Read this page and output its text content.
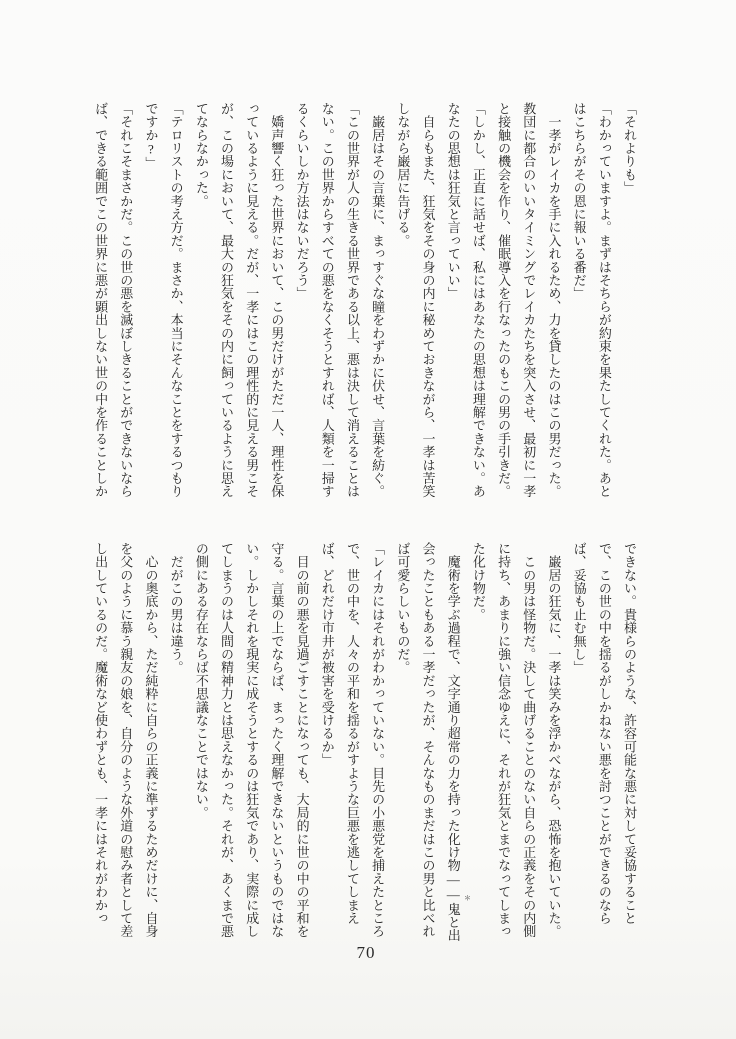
「それよりも」
「わかっていますよ。まずはそちらが約束を果たしてくれた。あと
はこちらがその恩に報いる番だ」
　一孝がレイカを手に入れるため、力を貸したのはこの男だった。
教団に都合のいいタイミングでレイカたちを突入させ、最初に一孝
と接触の機会を作り、催眠導入を行なったのもこの男の手引きだ。
「しかし、正直に話せば、私にはあなたの思想は理解できない。あ
なたの思想は狂気と言っていい」
　自らもまた、狂気をその身の内に秘めておきながら、一孝は苦笑
しながら巌居に告げる。
　巌居はその言葉に、まっすぐな瞳をわずかに伏せ、言葉を紡ぐ。
「この世界が人の生きる世界である以上、悪は決して消えることは
ない。この世界からすべての悪をなくそうとすれば、人類を一掃す
るくらいしか方法はないだろう」
　嬌声響く狂った世界において、この男だけがただ一人、理性を保
っているように見える。だが、一孝にはこの理性的に見える男こそ
が、この場において、最大の狂気をその内に飼っているように思え
てならなかった。
「テロリストの考え方だ。まさか、本当にそんなことをするつもり
ですか?」
「それこそまさかだ。この世の悪を滅ぼしきることができないなら
ば、できる範囲でこの世界に悪が顕出しない世の中を作ることしか
できない。貴様らのような、許容可能な悪に対して妥協すること
で、この世の中を揺るがしかねない悪を討つことができるのなら
ば、妥協も止む無し」
　巌居の狂気に、一孝は笑みを浮かべながら、恐怖を抱いていた。
　この男は怪物だ。決して曲げることのない自らの正義をその内側
に持ち、あまりに強い信念ゆえに、それが狂気とまでなってしまっ
た化け物だ。
　魔術を学ぶ過程で、文字通り超常の力を持った化け物――鬼と出
会ったこともある一孝だったが、そんなものまだはこの男と比べれ
ば可愛らしいものだ。
「レイカにはそれがわかっていない。目先の小悪党を捕えたところ
で、世の中を、人々の平和を揺るがすような巨悪を逃してしまえ
ば、どれだけ市井が被害を受けるか」
　目の前の悪を見過ごすことになっても、大局的に世の中の平和を
守る。言葉の上でならば、まったく理解できないというものではな
い。しかしそれを現実に成そうとするのは狂気であり、実際に成し
てしまうのは人間の精神力とは思えなかった。それが、あくまで悪
の側にある存在ならば不思議なことではない。
　だがこの男は違う。
　心の奥底から、ただ純粋に自らの正義に準ずるためだけに、自身
を父のように慕う親友の娘を、自分のような外道の慰み者として差
し出しているのだ。魔術など使わずとも、一孝にはそれがわかっ	＊
70
